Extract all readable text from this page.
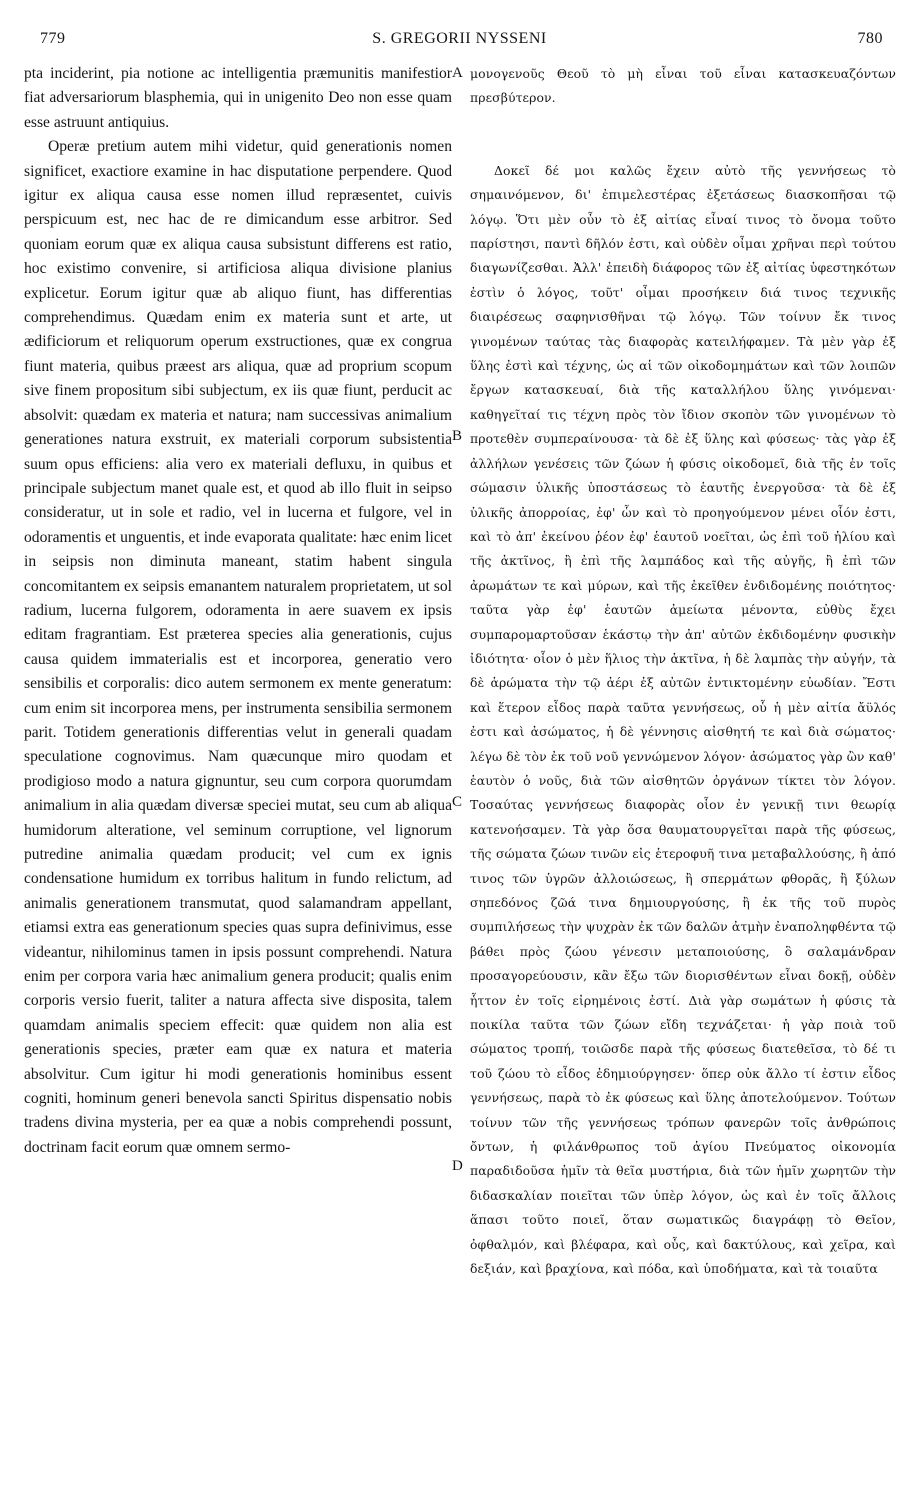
779	S. GREGORII NYSSENI	780

pta inciderint, pia notione ac intelligentia præmunitis manifestior fiat adversariorum blasphemia, qui in unigenito Deo non esse quam esse astruunt antiquius.

Operæ pretium autem mihi videtur, quid generationis nomen significet, exactiore examine in hac disputatione perpendere. Quod igitur ex aliqua causa esse nomen illud repræsentet, cuivis perspicuum est, nec hac de re dimicandum esse arbitror. Sed quoniam eorum quæ ex aliqua causa subsistunt differens est ratio, hoc existimo convenire, si artificiosa aliqua divisione planius explicetur. Eorum igitur quæ ab aliquo fiunt, has differentias comprehendimus. Quædam enim ex materia sunt et arte, ut ædificiorum et reliquorum operum exstructiones, quæ ex congrua fiunt materia, quibus præest ars aliqua, quæ ad proprium scopum sive finem propositum sibi subjectum, ex iis quæ fiunt, perducit ac absolvit: quædam ex materia et natura; nam successivas animalium generationes natura exstruit, ex materiali corporum subsistentia suum opus efficiens: alia vero ex materiali defluxu, in quibus et principale subjectum manet quale est, et quod ab illo fluit in seipso consideratur, ut in sole et radio, vel in lucerna et fulgore, vel in odoramentis et unguentis, et inde evaporata qualitate: hæc enim licet in seipsis non diminuta maneant, statim habent singula concomitantem ex seipsis emanantem naturalem proprietatem, ut sol radium, lucerna fulgorem, odoramenta in aere suavem ex ipsis editam fragrantiam. Est præterea species alia generationis, cujus causa quidem immaterialis est et incorporea, generatio vero sensibilis et corporalis: dico autem sermonem ex mente generatum: cum enim sit incorporea mens, per instrumenta sensibilia sermonem parit. Totidem generationis differentias velut in generali quadam speculatione cognovimus. Nam quæcunque miro quodam et prodigioso modo a natura gignuntur, seu cum corpora quorumdam animalium in alia quædam diversæ speciei mutat, seu cum ab aliqua humidorum alteratione, vel seminum corruptione, vel lignorum putredine animalia quædam producit; vel cum ex ignis condensatione humidum ex torribus halitum in fundo relictum, ad animalis generationem transmutat, quod salamandram appellant, etiamsi extra eas generationum species quas supra definivimus, esse videantur, nihilominus tamen in ipsis possunt comprehendi. Natura enim per corpora varia hæc animalium genera producit; qualis enim corporis versio fuerit, taliter a natura affecta sive disposita, talem quamdam animalis speciem effecit: quæ quidem non alia est generationis species, præter eam quæ ex natura et materia absolvitur. Cum igitur hi modi generationis hominibus essent cogniti, hominum generi benevola sancti Spiritus dispensatio nobis tradens divina mysteria, per ea quæ a nobis comprehendi possunt, doctrinam facit eorum quæ omnem sermo-

A
B
C
D

μονογενοῦς Θεοῦ τὸ μὴ εἶναι τοῦ εἶναι κατασκευαζόντων πρεσβύτερον.

Δοκεῖ δέ μοι καλῶς ἔχειν αὐτὸ τῆς γεννήσεως τὸ σημαινόμενον, δι' ἐπιμελεστέρας ἐξετάσεως διασκοπῆσαι τῷ λόγῳ. Ὅτι μὲν οὖν τὸ ἐξ αἰτίας εἶναί τινος τὸ ὄνομα τοῦτο παρίστησι, παντὶ δῆλόν ἐστι, καὶ οὐδὲν οἶμαι χρῆναι περὶ τούτου διαγωνίζεσθαι. Ἀλλ' ἐπειδὴ διάφορος τῶν ἐξ αἰτίας ὑφεστηκότων ἐστὶν ὁ λόγος, τοῦτ' οἶμαι προσήκειν διά τινος τεχνικῆς διαιρέσεως σαφηνισθῆναι τῷ λόγῳ. Τῶν τοίνυν ἔκ τινος γινομένων ταύτας τὰς διαφορὰς κατειλήφαμεν. Τὰ μὲν γὰρ ἐξ ὕλης ἐστὶ καὶ τέχνης, ὡς αἱ τῶν οἰκοδομημάτων καὶ τῶν λοιπῶν ἔργων κατασκευαί, διὰ τῆς καταλλήλου ὕλης γινόμεναι· καθηγεῖταί τις τέχνη πρὸς τὸν ἴδιον σκοπὸν τῶν γινομένων τὸ προτεθὲν συμπεραίνουσα· τὰ δὲ ἐξ ὕλης καὶ φύσεως· τὰς γὰρ ἐξ ἀλλήλων γενέσεις τῶν ζώων ἡ φύσις οἰκοδομεῖ, διὰ τῆς ἐν τοῖς σώμασιν ὑλικῆς ὑποστάσεως τὸ ἑαυτῆς ἐνεργοῦσα· τὰ δὲ ἐξ ὑλικῆς ἀπορροίας, ἐφ' ὧν καὶ τὸ προηγούμενον μένει οἷόν ἐστι, καὶ τὸ ἀπ' ἐκείνου ῥέον ἐφ' ἑαυτοῦ νοεῖται, ὡς ἐπὶ τοῦ ἡλίου καὶ τῆς ἀκτῖνος, ἢ ἐπὶ τῆς λαμπάδος καὶ τῆς αὐγῆς, ἢ ἐπὶ τῶν ἀρωμάτων τε καὶ μύρων, καὶ τῆς ἐκεῖθεν ἐνδιδομένης ποιότητος· ταῦτα γὰρ ἐφ' ἑαυτῶν ἀμείωτα μένοντα, εὐθὺς ἔχει συμπαρομαρτοῦσαν ἑκάστῳ τὴν ἀπ' αὐτῶν ἐκδιδομένην φυσικὴν ἰδιότητα· οἷον ὁ μὲν ἥλιος τὴν ἀκτῖνα, ἡ δὲ λαμπὰς τὴν αὐγήν, τὰ δὲ ἀρώματα τὴν τῷ ἀέρι ἐξ αὐτῶν ἐντικτομένην εὐωδίαν. Ἔστι καὶ ἕτερον εἶδος παρὰ ταῦτα γεννήσεως, οὗ ἡ μὲν αἰτία ἄϋλός ἐστι καὶ ἀσώματος, ἡ δὲ γέννησις αἰσθητή τε καὶ διὰ σώματος· λέγω δὲ τὸν ἐκ τοῦ νοῦ γεννώμενον λόγον· ἀσώματος γὰρ ὢν καθ' ἑαυτὸν ὁ νοῦς, διὰ τῶν αἰσθητῶν ὀργάνων τίκτει τὸν λόγον. Τοσαύτας γεννήσεως διαφορὰς οἷον ἐν γενικῇ τινι θεωρίᾳ κατενοήσαμεν. Τὰ γὰρ ὅσα θαυματουργεῖται παρὰ τῆς φύσεως, τῆς σώματα ζώων τινῶν εἰς ἑτεροφυῆ τινα μεταβαλλούσης, ἢ ἀπό τινος τῶν ὑγρῶν ἀλλοιώσεως, ἢ σπερμάτων φθορᾶς, ἢ ξύλων σηπεδόνος ζῶά τινα δημιουργούσης, ἢ ἐκ τῆς τοῦ πυρὸς συμπιλήσεως τὴν ψυχρὰν ἐκ τῶν δαλῶν ἀτμὴν ἐναποληφθέντα τῷ βάθει πρὸς ζώου γένεσιν μεταποιούσης, ὃ σαλαμάνδραν προσαγορεύουσιν, κἂν ἔξω τῶν διορισθέντων εἶναι δοκῇ, οὐδὲν ἧττον ἐν τοῖς εἰρημένοις ἐστί. Διὰ γὰρ σωμάτων ἡ φύσις τὰ ποικίλα ταῦτα τῶν ζώων εἴδη τεχνάζεται· ἡ γὰρ ποιὰ τοῦ σώματος τροπή, τοιῶσδε παρὰ τῆς φύσεως διατεθεῖσα, τὸ δέ τι τοῦ ζώου τὸ εἶδος ἐδημιούργησεν· ὅπερ οὐκ ἄλλο τί ἐστιν εἶδος γεννήσεως, παρὰ τὸ ἐκ φύσεως καὶ ὕλης ἀποτελούμενον. Τούτων τοίνυν τῶν τῆς γεννήσεως τρόπων φανερῶν τοῖς ἀνθρώποις ὄντων, ἡ φιλάνθρωπος τοῦ ἁγίου Πνεύματος οἰκονομία παραδιδοῦσα ἡμῖν τὰ θεῖα μυστήρια, διὰ τῶν ἡμῖν χωρητῶν τὴν διδασκαλίαν ποιεῖται τῶν ὑπὲρ λόγον, ὡς καὶ ἐν τοῖς ἄλλοις ἅπασι τοῦτο ποιεῖ, ὅταν σωματικῶς διαγράφῃ τὸ Θεῖον, ὀφθαλμόν, καὶ βλέφαρα, καὶ οὖς, καὶ δακτύλους, καὶ χεῖρα, καὶ δεξιάν, καὶ βραχίονα, καὶ πόδα, καὶ ὑποδήματα, καὶ τὰ τοιαῦτα
